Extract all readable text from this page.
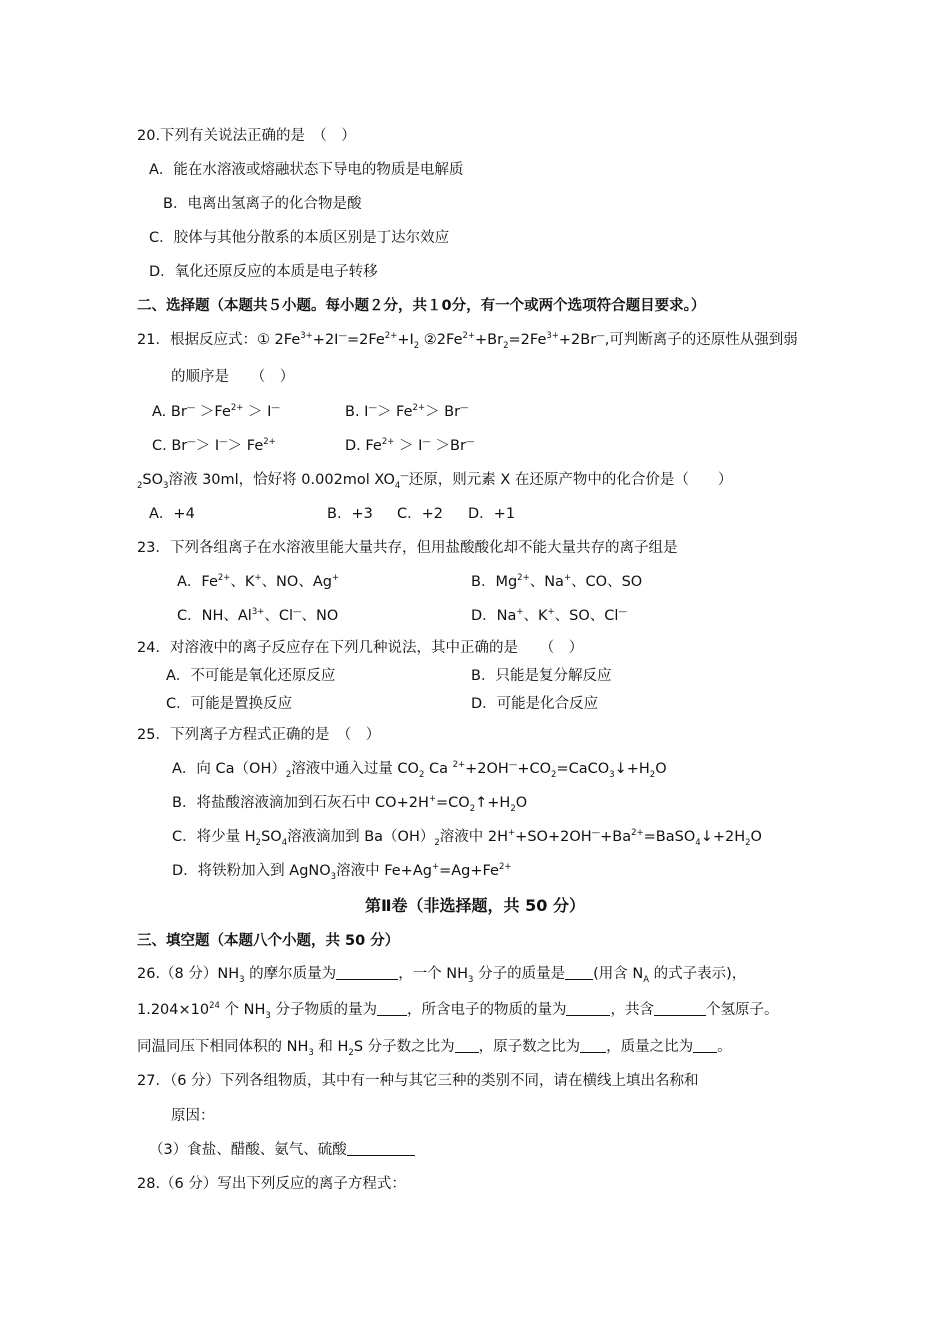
20.下列有关说法正确的是　（　）
A．能在水溶液或熔融状态下导电的物质是电解质
B．电离出氢离子的化合物是酸
C．胶体与其他分散系的本质区别是丁达尔效应
D．氧化还原反应的本质是电子转移
二、选择题（本题共５小题。每小题２分，共１0分，有一个或两个选项符合题目要求。）
21．根据反应式：① $2Fe^{3+}+2I^—=2Fe^{2+}+I_2$ $②2Fe^{2+}+Br_2=2Fe^{3+}+2Br^—$,可判断离子的还原性从强到弱
的顺序是　　（　）
A. $Br^— >Fe^{2+} > I^—$	B. $I^—> Fe^{2+}> Br^—$
C. $Br^—> I^—> Fe^{2+}$	D. $Fe^{2+} > I^— >Br^—$
$_2SO_3$溶液 30ml，恰好将 0.002mol $XO_4^—$还原，则元素 X 在还原产物中的化合价是（　　）
A．+4	B．+3 C．+2 D．+1
23．下列各组离子在水溶液里能大量共存，但用盐酸酸化却不能大量共存的离子组是
A．$Fe^{2+}$、K+、NO、Ag+	B．$Mg^{2+}$、Na+、CO、SO
C．NH、$Al^{3+}$、Cl—、NO	D．Na+、K+、SO、Cl—
24．对溶液中的离子反应存在下列几种说法，其中正确的是　　（　）
A．不可能是氧化还原反应	B．只能是复分解反应
C．可能是置换反应	D．可能是化合反应
25．下列离子方程式正确的是　（　）
A．向 $Ca(OH)_2$溶液中通入过量 $CO_2$ Ca $^{2+}+2OH^—+CO_2=CaCO_3↓+H_2O$
B．将盐酸溶液滴加到石灰石中 $CO+2H^+=CO_2↑+H_2O$
C．将少量 $H_2SO_4$溶液滴加到 $Ba(OH)_2$溶液中 $2H^++SO+2OH^—+Ba^{2+}=BaSO_4↓+2H_2O$
D．将铁粉加入到 AgNO$_3$溶液中 $Fe+Ag^+=Ag+Fe^{2+}$
第Ⅱ卷（非选择题，共 50 分）
三、填空题（本题八个小题，共 50 分）
26.（8 分）$NH_3$ 的摩尔质量为	，一个 $NH_3$ 分子的质量是 (用含 $N_A$ 的式子表示)，
$1.204\times 10^{24}$ 个 $NH_3$ 分子物质的量为 ，所含电子的物质的量为	，共含	个氢原子。
同温同压下相同体积的 $NH_3$ 和 $H_2S$ 分子数之比为 ，原子数之比为 ，质量之比为 。
27．（6 分）下列各组物质，其中有一种与其它三种的类别不同，请在横线上填出名称和
原因：
（3）食盐、醋酸、氨气、硫酸
28.（6 分）写出下列反应的离子方程式：
